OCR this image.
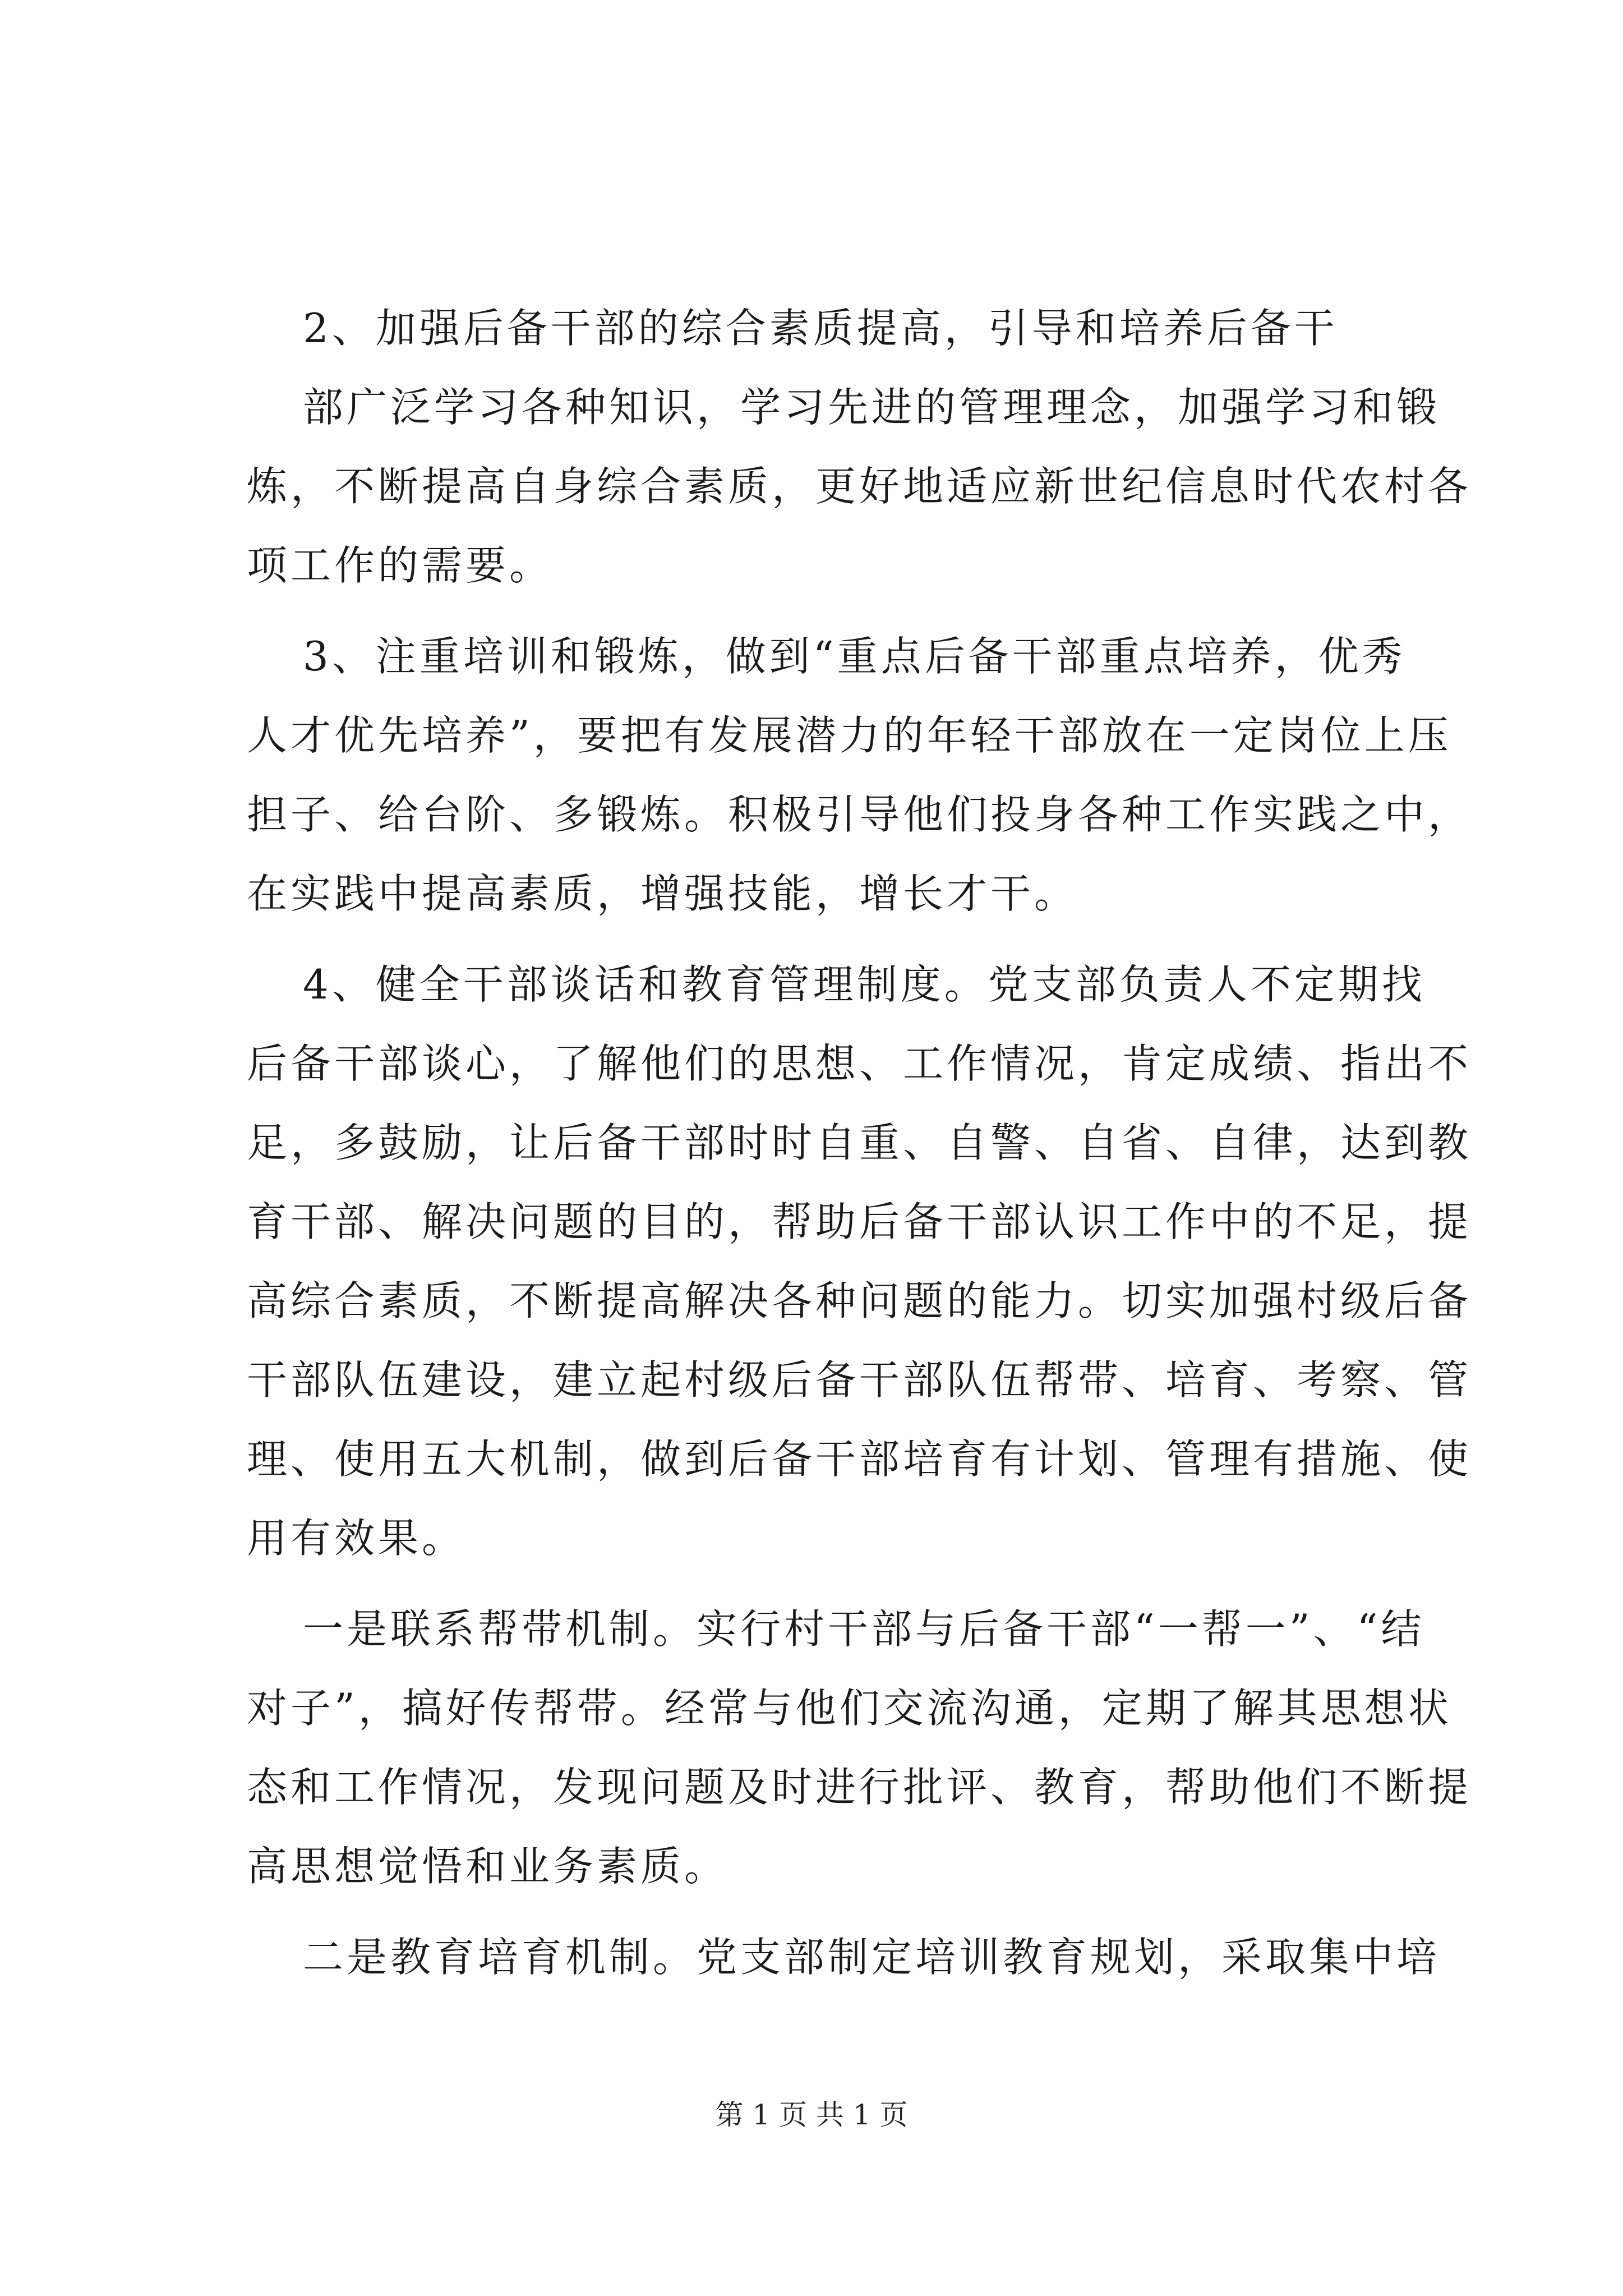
2、加强后备干部的综合素质提高，引导和培养后备干

部广泛学习各种知识，学习先进的管理理念，加强学习和锻

炼，不断提高自身综合素质，更好地适应新世纪信息时代农村各

项工作的需要。

3、注重培训和锻炼，做到“重点后备干部重点培养，优秀

人才优先培养”，要把有发展潜力的年轻干部放在一定岗位上压

担子、给台阶、多锻炼。积极引导他们投身各种工作实践之中，

在实践中提高素质，增强技能，增长才干。

4、健全干部谈话和教育管理制度。党支部负责人不定期找

后备干部谈心，了解他们的思想、工作情况，肯定成绩、指出不

足，多鼓励，让后备干部时时自重、自警、自省、自律，达到教

育干部、解决问题的目的，帮助后备干部认识工作中的不足，提

高综合素质，不断提高解决各种问题的能力。切实加强村级后备

干部队伍建设，建立起村级后备干部队伍帮带、培育、考察、管

理、使用五大机制，做到后备干部培育有计划、管理有措施、使

用有效果。

一是联系帮带机制。实行村干部与后备干部“一帮一”、“结

对子”，搞好传帮带。经常与他们交流沟通，定期了解其思想状

态和工作情况，发现问题及时进行批评、教育，帮助他们不断提

高思想觉悟和业务素质。

二是教育培育机制。党支部制定培训教育规划，采取集中培

第 1 页 共 1 页
